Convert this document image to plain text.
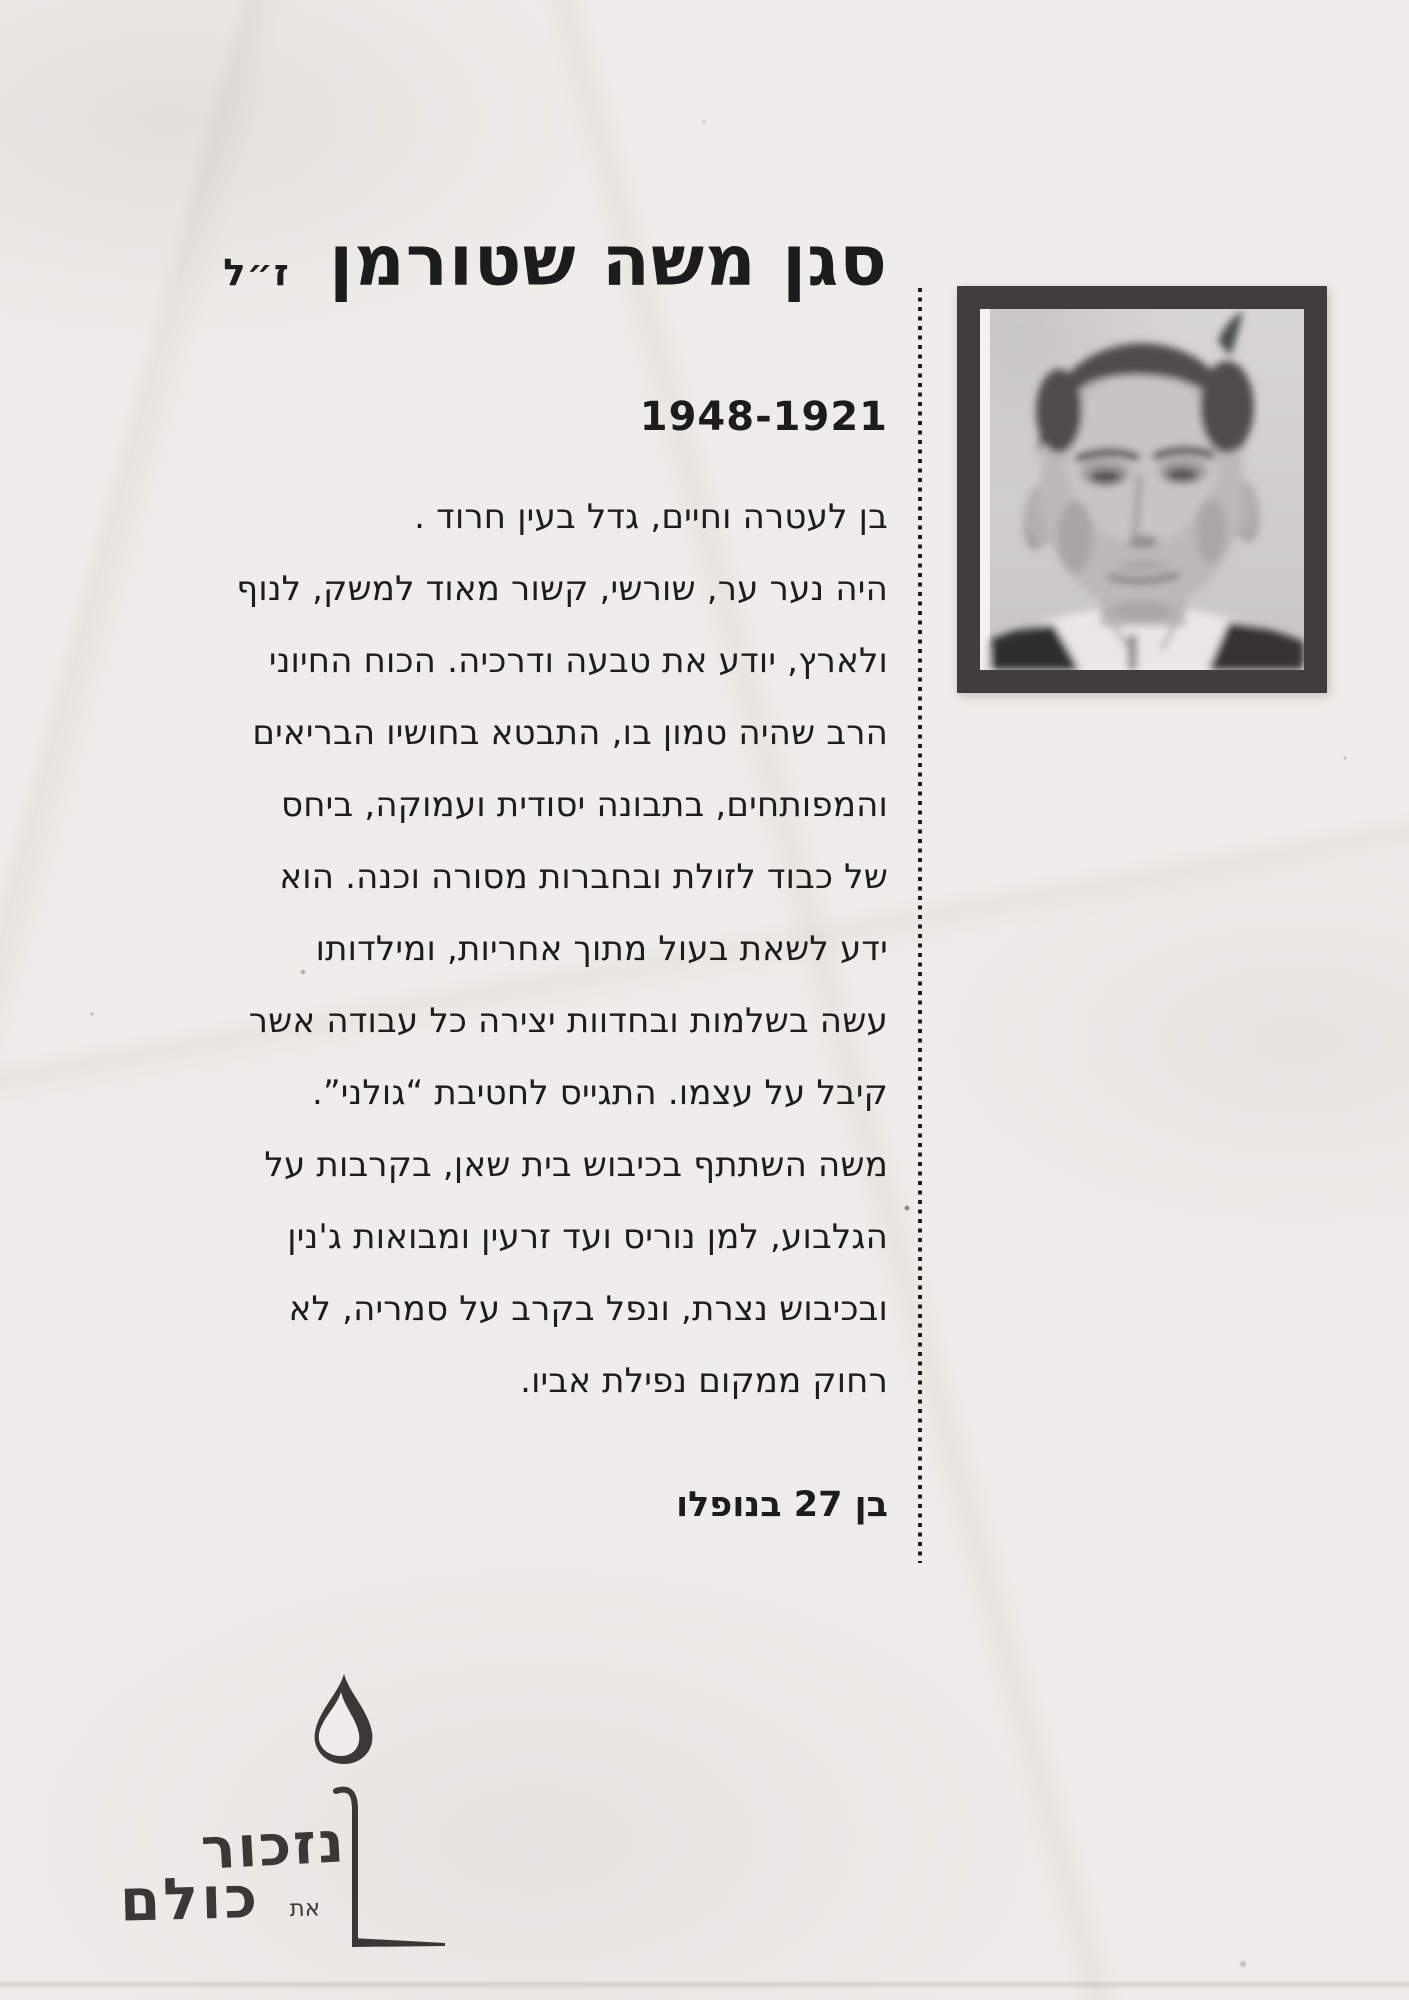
סגן משה שטורמן ז״ל
1948-1921
בן לעטרה וחיים, גדל בעין חרוד .
היה נער ער, שורשי, קשור מאוד למשק, לנוף
ולארץ, יודע את טבעה ודרכיה. הכוח החיוני
הרב שהיה טמון בו, התבטא בחושיו הבריאים
והמפותחים, בתבונה יסודית ועמוקה, ביחס
של כבוד לזולת ובחברות מסורה וכנה. הוא
ידע לשאת בעול מתוך אחריות, ומילדותו
עשה בשלמות ובחדוות יצירה כל עבודה אשר
קיבל על עצמו. התגייס לחטיבת “גולני”.
משה השתתף בכיבוש בית שאן, בקרבות על
הגלבוע, למן נוריס ועד זרעין ומבואות ג'נין
ובכיבוש נצרת, ונפל בקרב על סמריה, לא
רחוק ממקום נפילת אביו.
בן 27 בנופלו
נזכור
את כולם
